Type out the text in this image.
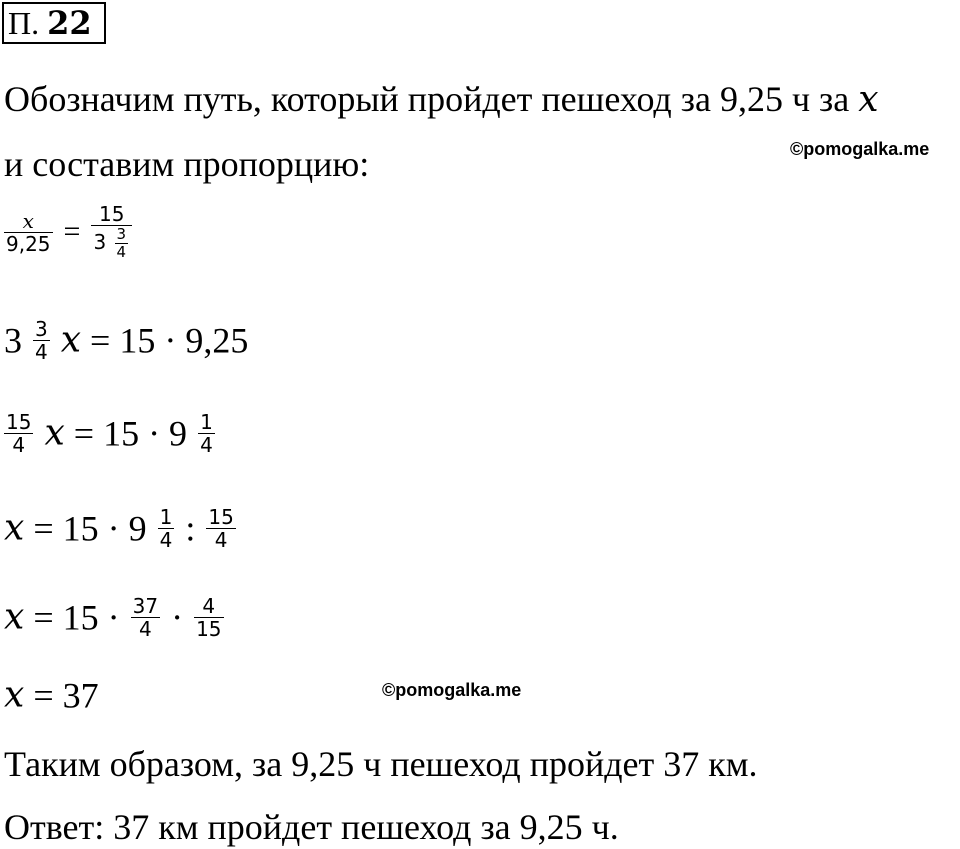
П. 22
Обозначим путь, который пройдет пешеход за 9,25 ч за x
и составим пропорцию:	©pomogalka.me
$\frac{x}{9,25} = \frac{15}{3 \frac{3}{4}}$
$3 \frac{3}{4}$ x = 15 · 9,25
$\frac{15}{4}$ $x = 15 \cdot 9 \frac{1}{4}$
$x = 15 \cdot 9 \frac{1}{4}$ : $\frac{15}{4}$
$x = 15 \cdot \frac{37}{4} \cdot \frac{4}{15}$
x = 37	©pomogalka.me
Таким образом, за 9,25 ч пешеход пройдет 37 км.
Ответ: 37 км пройдет пешеход за 9,25 ч.
